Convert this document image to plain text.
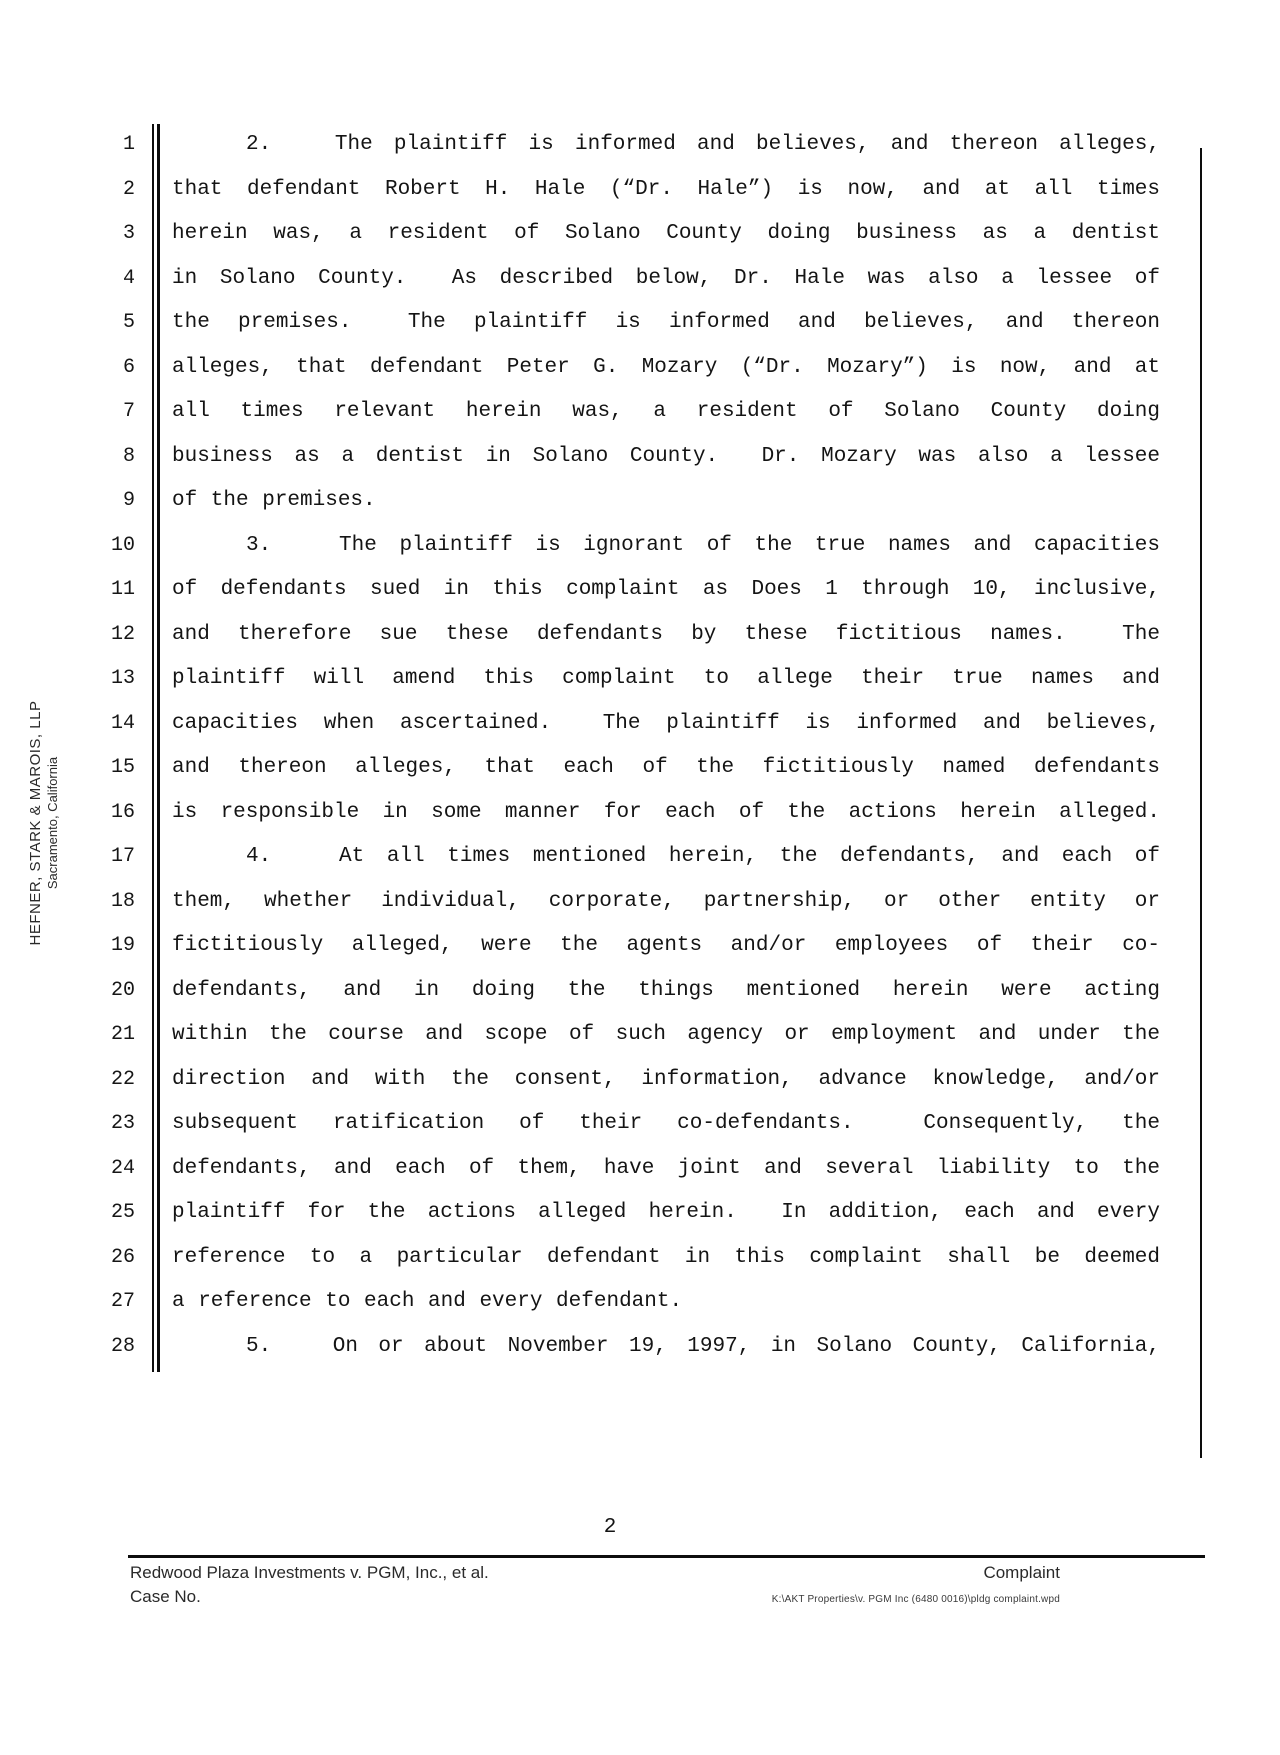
HEFNER, STARK & MAROIS, LLP Sacramento, California
1	2.   The plaintiff is informed and believes, and thereon alleges,
2 that defendant Robert H. Hale (“Dr. Hale”) is now, and at all times
3 herein was, a resident of Solano County doing business as a dentist
4 in Solano County.  As described below, Dr. Hale was also a lessee of
5 the premises.  The plaintiff is informed and believes, and thereon
6 alleges, that defendant Peter G. Mozary (“Dr. Mozary”) is now, and at
7 all times relevant herein was, a resident of Solano County doing
8 business as a dentist in Solano County.  Dr. Mozary was also a lessee
9 of the premises.
10	3.   The plaintiff is ignorant of the true names and capacities
11 of defendants sued in this complaint as Does 1 through 10, inclusive,
12 and therefore sue these defendants by these fictitious names.  The
13 plaintiff will amend this complaint to allege their true names and
14 capacities when ascertained.  The plaintiff is informed and believes,
15 and thereon alleges, that each of the fictitiously named defendants
16 is responsible in some manner for each of the actions herein alleged.
17	4.   At all times mentioned herein, the defendants, and each of
18 them, whether individual, corporate, partnership, or other entity or
19 fictitiously alleged, were the agents and/or employees of their co-
20 defendants, and in doing the things mentioned herein were acting
21 within the course and scope of such agency or employment and under the
22 direction and with the consent, information, advance knowledge, and/or
23 subsequent ratification of their co-defendants.  Consequently, the
24 defendants, and each of them, have joint and several liability to the
25 plaintiff for the actions alleged herein.  In addition, each and every
26 reference to a particular defendant in this complaint shall be deemed
27 a reference to each and every defendant.
28	5.   On or about November 19, 1997, in Solano County, California,
2
Redwood Plaza Investments v. PGM, Inc., et al.	Complaint
Case No.	K:\AKT Properties\v. PGM Inc (6480 0016)\pldg complaint.wpd
